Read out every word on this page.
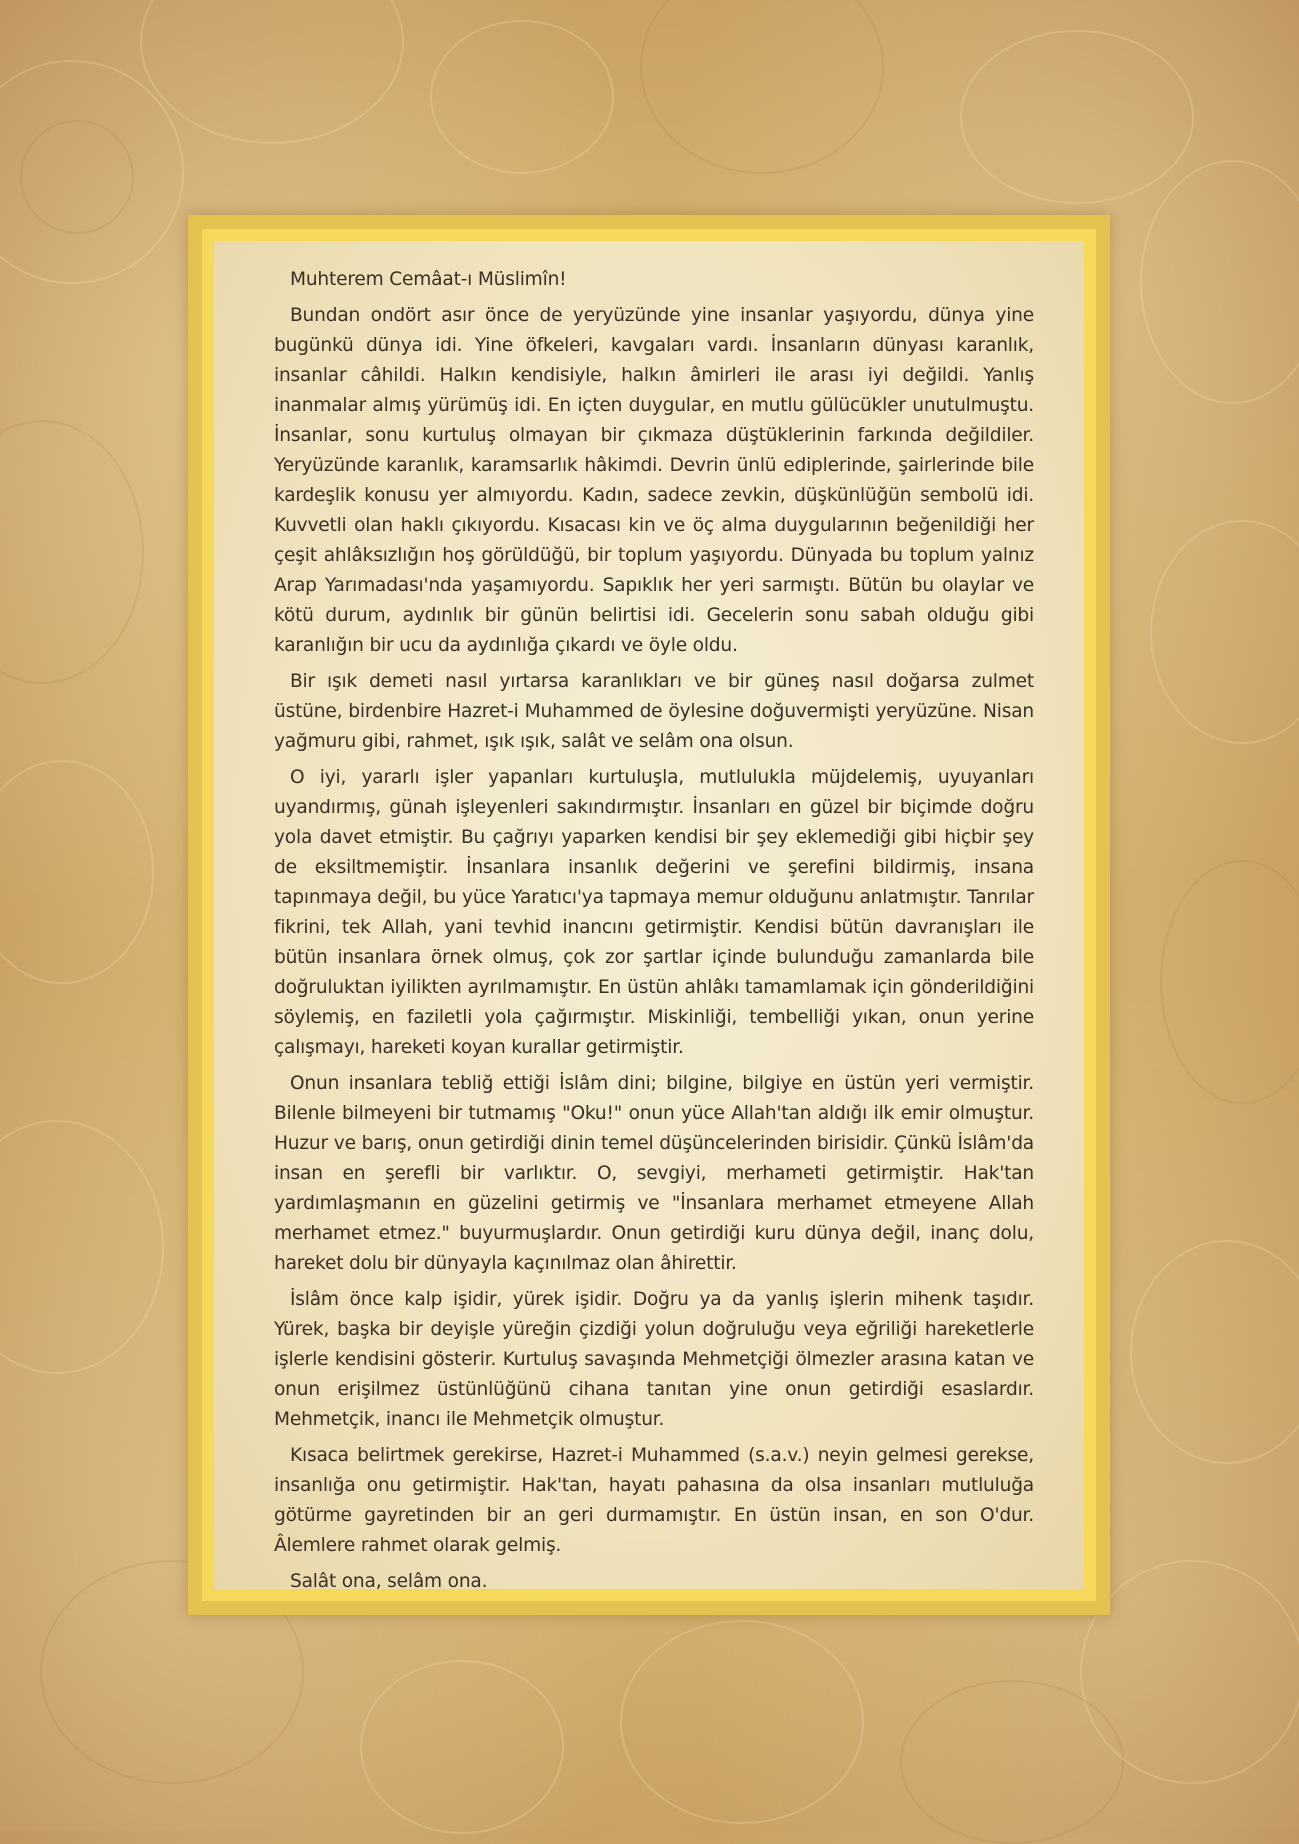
Muhterem Cemâat-ı Müslimîn!

Bundan ondört asır önce de yeryüzünde yine insanlar yaşıyordu, dünya yine bugünkü dünya idi. Yine öfkeleri, kavgaları vardı. İnsanların dünyası karanlık, insanlar câhildi. Halkın kendisiyle, halkın âmirleri ile arası iyi değildi. Yanlış inanmalar almış yürümüş idi. En içten duygular, en mutlu gülücükler unutulmuştu. İnsanlar, sonu kurtuluş olmayan bir çıkmaza düştüklerinin farkında değildiler. Yeryüzünde karanlık, karamsarlık hâkimdi. Devrin ünlü ediplerinde, şairlerinde bile kardeşlik konusu yer almıyordu. Kadın, sadece zevkin, düşkünlüğün sembolü idi. Kuvvetli olan haklı çıkıyordu. Kısacası kin ve öç alma duygularının beğenildiği her çeşit ahlâksızlığın hoş görüldüğü, bir toplum yaşıyordu. Dünyada bu toplum yalnız Arap Yarımadası'nda yaşamıyordu. Sapıklık her yeri sarmıştı. Bütün bu olaylar ve kötü durum, aydınlık bir günün belirtisi idi. Gecelerin sonu sabah olduğu gibi karanlığın bir ucu da aydınlığa çıkardı ve öyle oldu.

Bir ışık demeti nasıl yırtarsa karanlıkları ve bir güneş nasıl doğarsa zulmet üstüne, birdenbire Hazret-i Muhammed de öylesine doğuvermişti yeryüzüne. Nisan yağmuru gibi, rahmet, ışık ışık, salât ve selâm ona olsun.

O iyi, yararlı işler yapanları kurtuluşla, mutlulukla müjdelemiş, uyuyanları uyandırmış, günah işleyenleri sakındırmıştır. İnsanları en güzel bir biçimde doğru yola davet etmiştir. Bu çağrıyı yaparken kendisi bir şey eklemediği gibi hiçbir şey de eksiltmemiştir. İnsanlara insanlık değerini ve şerefini bildirmiş, insana tapınmaya değil, bu yüce Yaratıcı'ya tapmaya memur olduğunu anlatmıştır. Tanrılar fikrini, tek Allah, yani tevhid inancını getirmiştir. Kendisi bütün davranışları ile bütün insanlara örnek olmuş, çok zor şartlar içinde bulunduğu zamanlarda bile doğruluktan iyilikten ayrılmamıştır. En üstün ahlâkı tamamlamak için gönderildiğini söylemiş, en faziletli yola çağırmıştır. Miskinliği, tembelliği yıkan, onun yerine çalışmayı, hareketi koyan kurallar getirmiştir.

Onun insanlara tebliğ ettiği İslâm dini; bilgine, bilgiye en üstün yeri vermiştir. Bilenle bilmeyeni bir tutmamış "Oku!" onun yüce Allah'tan aldığı ilk emir olmuştur. Huzur ve barış, onun getirdiği dinin temel düşüncelerinden birisidir. Çünkü İslâm'da insan en şerefli bir varlıktır. O, sevgiyi, merhameti getirmiştir. Hak'tan yardımlaşmanın en güzelini getirmiş ve "İnsanlara merhamet etmeyene Allah merhamet etmez." buyurmuşlardır. Onun getirdiği kuru dünya değil, inanç dolu, hareket dolu bir dünyayla kaçınılmaz olan âhirettir.

İslâm önce kalp işidir, yürek işidir. Doğru ya da yanlış işlerin mihenk taşıdır. Yürek, başka bir deyişle yüreğin çizdiği yolun doğruluğu veya eğriliği hareketlerle işlerle kendisini gösterir. Kurtuluş savaşında Mehmetçiği ölmezler arasına katan ve onun erişilmez üstünlüğünü cihana tanıtan yine onun getirdiği esaslardır. Mehmetçik, inancı ile Mehmetçik olmuştur.

Kısaca belirtmek gerekirse, Hazret-i Muhammed (s.a.v.) neyin gelmesi gerekse, insanlığa onu getirmiştir. Hak'tan, hayatı pahasına da olsa insanları mutluluğa götürme gayretinden bir an geri durmamıştır. En üstün insan, en son O'dur. Âlemlere rahmet olarak gelmiş.

Salât ona, selâm ona.
